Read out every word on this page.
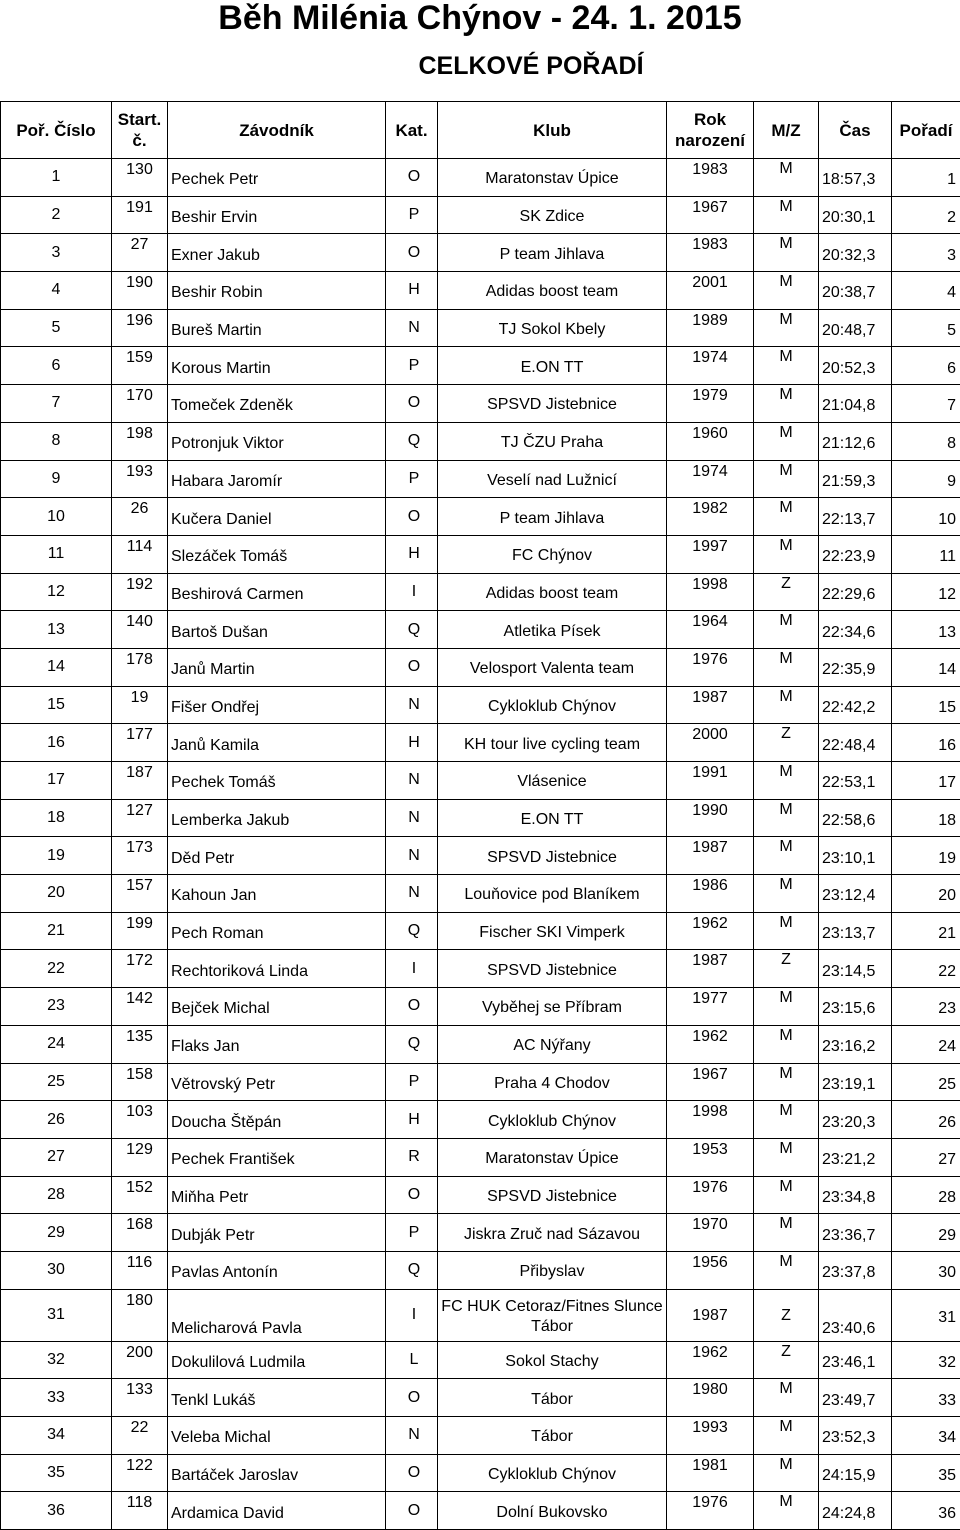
Běh Milénia Chýnov - 24. 1. 2015
CELKOVÉ POŘADÍ
Poř. Číslo	Start. č.	Závodník	Kat.	Klub	Rok narození	M/Z	Čas	Pořadí
1	130	Pechek Petr	O	Maratonstav Úpice	1983	M	18:57,3	1
2	191	Beshir Ervin	P	SK Zdice	1967	M	20:30,1	2
3	27	Exner Jakub	O	P team Jihlava	1983	M	20:32,3	3
4	190	Beshir Robin	H	Adidas boost team	2001	M	20:38,7	4
5	196	Bureš Martin	N	TJ Sokol Kbely	1989	M	20:48,7	5
6	159	Korous Martin	P	E.ON TT	1974	M	20:52,3	6
7	170	Tomeček Zdeněk	O	SPSVD Jistebnice	1979	M	21:04,8	7
8	198	Potronjuk Viktor	Q	TJ ČZU Praha	1960	M	21:12,6	8
9	193	Habara Jaromír	P	Veselí nad Lužnicí	1974	M	21:59,3	9
10	26	Kučera Daniel	O	P team Jihlava	1982	M	22:13,7	10
11	114	Slezáček Tomáš	H	FC Chýnov	1997	M	22:23,9	11
12	192	Beshirová Carmen	I	Adidas boost team	1998	Z	22:29,6	12
13	140	Bartoš Dušan	Q	Atletika Písek	1964	M	22:34,6	13
14	178	Janů Martin	O	Velosport Valenta team	1976	M	22:35,9	14
15	19	Fišer Ondřej	N	Cykloklub Chýnov	1987	M	22:42,2	15
16	177	Janů Kamila	H	KH tour live cycling team	2000	Z	22:48,4	16
17	187	Pechek Tomáš	N	Vlásenice	1991	M	22:53,1	17
18	127	Lemberka Jakub	N	E.ON TT	1990	M	22:58,6	18
19	173	Děd Petr	N	SPSVD Jistebnice	1987	M	23:10,1	19
20	157	Kahoun Jan	N	Louňovice pod Blaníkem	1986	M	23:12,4	20
21	199	Pech Roman	Q	Fischer SKI Vimperk	1962	M	23:13,7	21
22	172	Rechtoriková Linda	I	SPSVD Jistebnice	1987	Z	23:14,5	22
23	142	Bejček Michal	O	Vyběhej se Příbram	1977	M	23:15,6	23
24	135	Flaks Jan	Q	AC Nýřany	1962	M	23:16,2	24
25	158	Větrovský Petr	P	Praha 4 Chodov	1967	M	23:19,1	25
26	103	Doucha Štěpán	H	Cykloklub Chýnov	1998	M	23:20,3	26
27	129	Pechek František	R	Maratonstav Úpice	1953	M	23:21,2	27
28	152	Miňha Petr	O	SPSVD Jistebnice	1976	M	23:34,8	28
29	168	Dubják Petr	P	Jiskra Zruč nad Sázavou	1970	M	23:36,7	29
30	116	Pavlas Antonín	Q	Přibyslav	1956	M	23:37,8	30
31	180	Melicharová Pavla	I	FC HUK Cetoraz/Fitnes Slunce Tábor	1987	Z	23:40,6	31
32	200	Dokulilová Ludmila	L	Sokol Stachy	1962	Z	23:46,1	32
33	133	Tenkl Lukáš	O	Tábor	1980	M	23:49,7	33
34	22	Veleba Michal	N	Tábor	1993	M	23:52,3	34
35	122	Bartáček Jaroslav	O	Cykloklub Chýnov	1981	M	24:15,9	35
36	118	Ardamica David	O	Dolní Bukovsko	1976	M	24:24,8	36
